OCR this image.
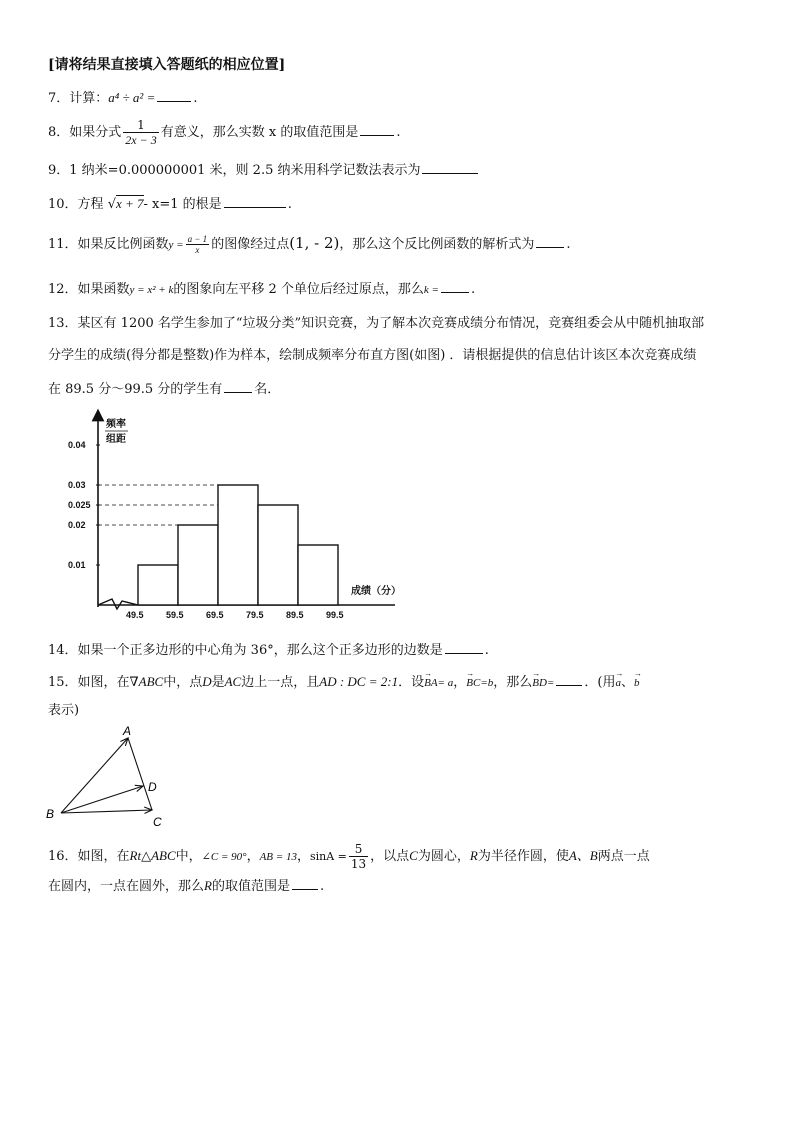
[请将结果直接填入答题纸的相应位置]
7．计算：a⁴ ÷ a² =	.
8．如果分式 $\frac{1}{2x - 3}$ 有意义，那么实数 x 的取值范围是	.
9．1 纳米=0.000000001 米，则 2.5 纳米用科学记数法表示为
10．方程 √x + 7- x=1 的根是	.
11．如果反比例函数$y = \frac{a - 1}{x}$ 的图像经过点(1, - 2)，那么这个反比例函数的解析式为 .
12．如果函数y = x² + k的图象向左平移 2 个单位后经过原点，那么k = .
13．某区有 1200 名学生参加了“垃圾分类”知识竞赛，为了解本次竞赛成绩分布情况，竞赛组委会从中随机抽取部
分学生的成绩(得分都是整数)作为样本，绘制成频率分布直方图(如图) ．请根据提供的信息估计该区本次竞赛成绩
在 89.5 分～99.5 分的学生有 名．
频率
组距
成绩（分）
0.04
0.03
0.025
0.02
0.01
49.5 59.5 69.5 79.5 89.5 99.5
14．如果一个正多边形的中心角为 36°，那么这个正多边形的边数是	.
15．如图，在∇ABC中，点D是AC边上一点，且AD : DC = 2:1．设→ BA= a，→ BC=b，那么→ BD= ．(用→ a、→ b
表示)
A
B
C
D
16．如图，在Rt△ABC中，∠C = 90°，AB = 13，$\sin A = \frac{5}{13}$ ，以点C为圆心，R为半径作圆，使A、B两点一点
在圆内，一点在圆外，那么R的取值范围是 .
